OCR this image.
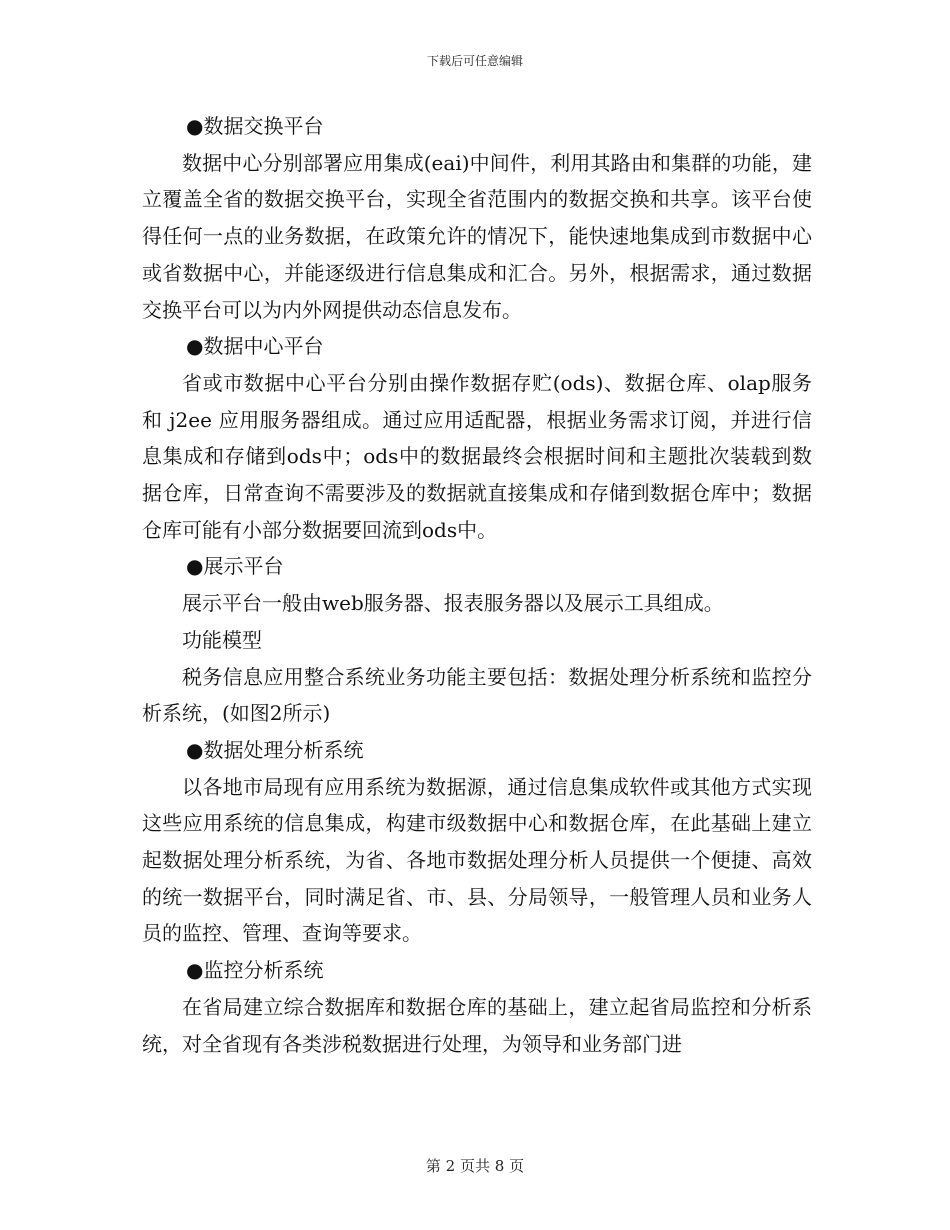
下载后可任意编辑

●数据交换平台

数据中心分别部署应用集成(eai)中间件，利用其路由和集群的功能，建立覆盖全省的数据交换平台，实现全省范围内的数据交换和共享。该平台使得任何一点的业务数据，在政策允许的情况下，能快速地集成到市数据中心或省数据中心，并能逐级进行信息集成和汇合。另外，根据需求，通过数据交换平台可以为内外网提供动态信息发布。

●数据中心平台

省或市数据中心平台分别由操作数据存贮(ods)、数据仓库、olap服务和 j2ee 应用服务器组成。通过应用适配器，根据业务需求订阅，并进行信息集成和存储到ods中；ods中的数据最终会根据时间和主题批次装载到数据仓库，日常查询不需要涉及的数据就直接集成和存储到数据仓库中；数据仓库可能有小部分数据要回流到ods中。

●展示平台

展示平台一般由web服务器、报表服务器以及展示工具组成。

功能模型

税务信息应用整合系统业务功能主要包括：数据处理分析系统和监控分析系统，(如图2所示)

●数据处理分析系统

以各地市局现有应用系统为数据源，通过信息集成软件或其他方式实现这些应用系统的信息集成，构建市级数据中心和数据仓库，在此基础上建立起数据处理分析系统，为省、各地市数据处理分析人员提供一个便捷、高效的统一数据平台，同时满足省、市、县、分局领导，一般管理人员和业务人员的监控、管理、查询等要求。

●监控分析系统

在省局建立综合数据库和数据仓库的基础上，建立起省局监控和分析系统，对全省现有各类涉税数据进行处理，为领导和业务部门进

第 2 页共 8 页
